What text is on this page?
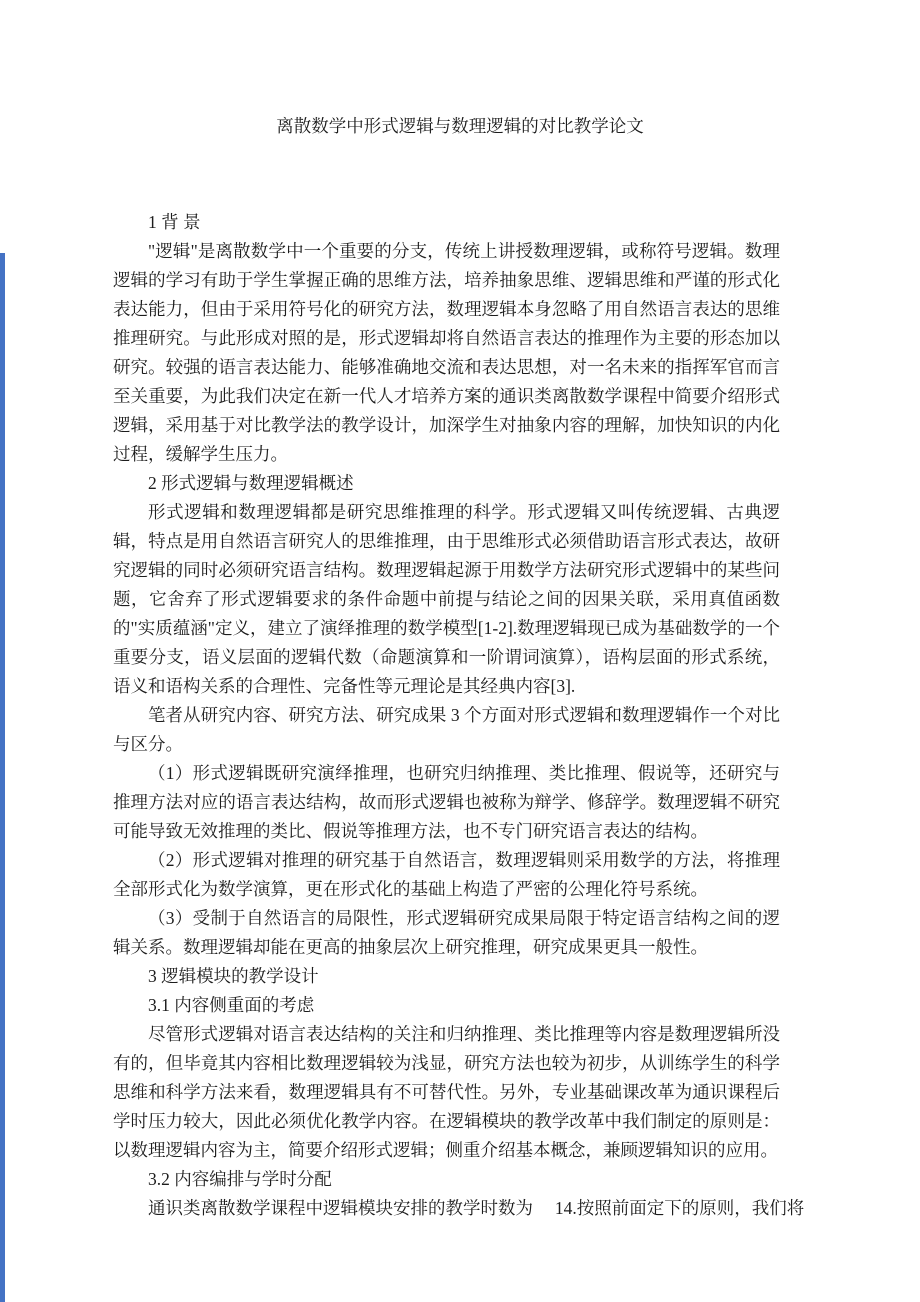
离散数学中形式逻辑与数理逻辑的对比教学论文

1 背 景

"逻辑"是离散数学中一个重要的分支，传统上讲授数理逻辑，或称符号逻辑。数理逻辑的学习有助于学生掌握正确的思维方法，培养抽象思维、逻辑思维和严谨的形式化表达能力，但由于采用符号化的研究方法，数理逻辑本身忽略了用自然语言表达的思维推理研究。与此形成对照的是，形式逻辑却将自然语言表达的推理作为主要的形态加以研究。较强的语言表达能力、能够准确地交流和表达思想，对一名未来的指挥军官而言至关重要，为此我们决定在新一代人才培养方案的通识类离散数学课程中简要介绍形式逻辑，采用基于对比教学法的教学设计，加深学生对抽象内容的理解，加快知识的内化过程，缓解学生压力。

2 形式逻辑与数理逻辑概述

形式逻辑和数理逻辑都是研究思维推理的科学。形式逻辑又叫传统逻辑、古典逻辑，特点是用自然语言研究人的思维推理，由于思维形式必须借助语言形式表达，故研究逻辑的同时必须研究语言结构。数理逻辑起源于用数学方法研究形式逻辑中的某些问题，它舍弃了形式逻辑要求的条件命题中前提与结论之间的因果关联，采用真值函数的"实质蕴涵"定义，建立了演绎推理的数学模型[1-2].数理逻辑现已成为基础数学的一个重要分支，语义层面的逻辑代数（命题演算和一阶谓词演算），语构层面的形式系统，语义和语构关系的合理性、完备性等元理论是其经典内容[3].

笔者从研究内容、研究方法、研究成果 3 个方面对形式逻辑和数理逻辑作一个对比与区分。

（1）形式逻辑既研究演绎推理，也研究归纳推理、类比推理、假说等，还研究与推理方法对应的语言表达结构，故而形式逻辑也被称为辩学、修辞学。数理逻辑不研究可能导致无效推理的类比、假说等推理方法，也不专门研究语言表达的结构。

（2）形式逻辑对推理的研究基于自然语言，数理逻辑则采用数学的方法，将推理全部形式化为数学演算，更在形式化的基础上构造了严密的公理化符号系统。

（3）受制于自然语言的局限性，形式逻辑研究成果局限于特定语言结构之间的逻辑关系。数理逻辑却能在更高的抽象层次上研究推理，研究成果更具一般性。

3 逻辑模块的教学设计

3.1 内容侧重面的考虑

尽管形式逻辑对语言表达结构的关注和归纳推理、类比推理等内容是数理逻辑所没有的，但毕竟其内容相比数理逻辑较为浅显，研究方法也较为初步，从训练学生的科学思维和科学方法来看，数理逻辑具有不可替代性。另外，专业基础课改革为通识课程后学时压力较大，因此必须优化教学内容。在逻辑模块的教学改革中我们制定的原则是：以数理逻辑内容为主，简要介绍形式逻辑；侧重介绍基本概念，兼顾逻辑知识的应用。

3.2 内容编排与学时分配

通识类离散数学课程中逻辑模块安排的教学时数为　 14.按照前面定下的原则，我们将
